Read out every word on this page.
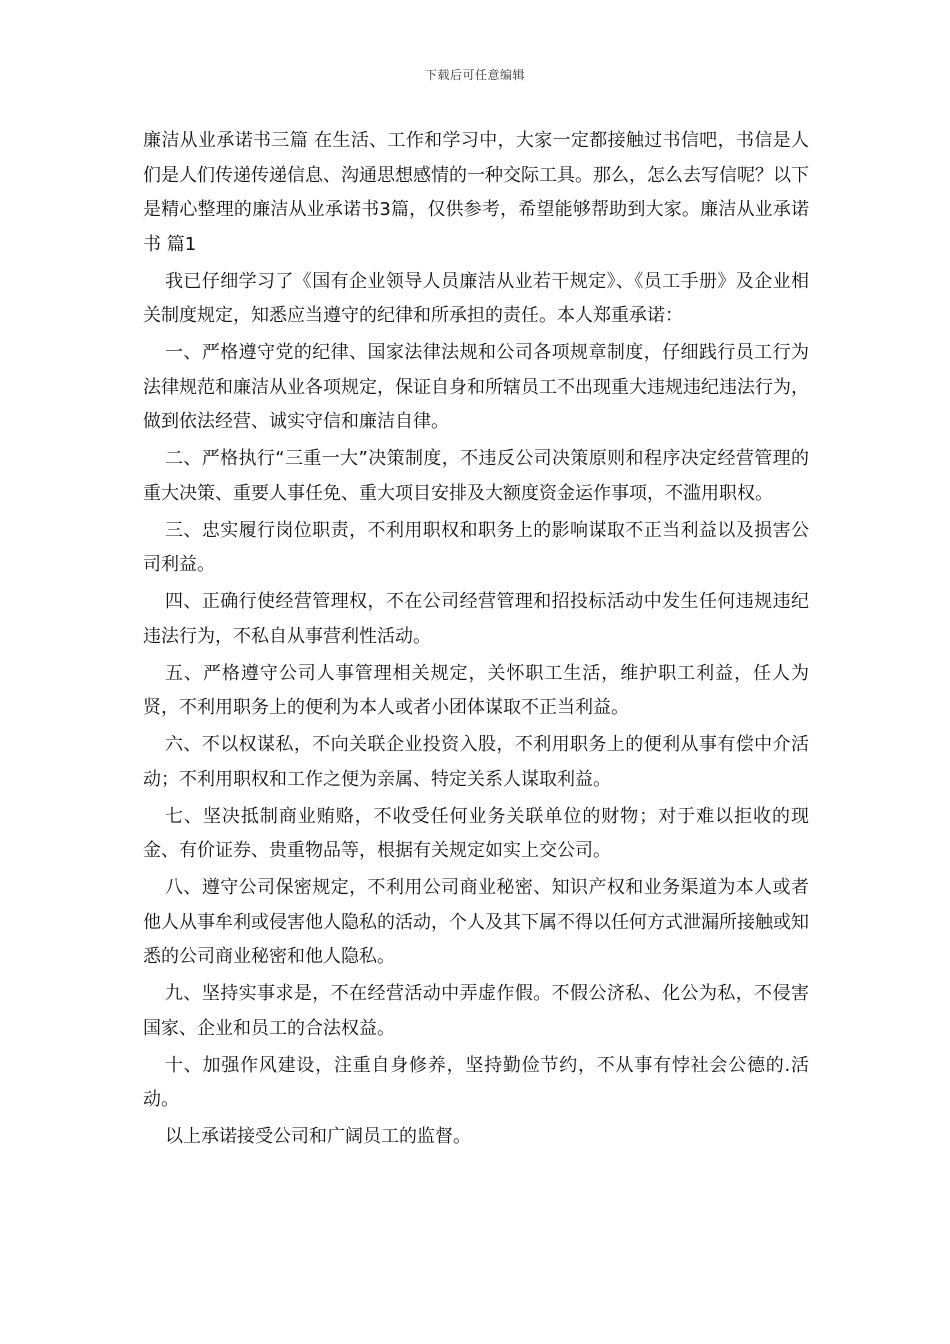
下载后可任意编辑

廉洁从业承诺书三篇 在生活、工作和学习中，大家一定都接触过书信吧，书信是人们是人们传递传递信息、沟通思想感情的一种交际工具。那么，怎么去写信呢？以下是精心整理的廉洁从业承诺书3篇，仅供参考，希望能够帮助到大家。廉洁从业承诺书 篇1

我已仔细学习了《国有企业领导人员廉洁从业若干规定》、《员工手册》及企业相关制度规定，知悉应当遵守的纪律和所承担的责任。本人郑重承诺：

一、严格遵守党的纪律、国家法律法规和公司各项规章制度，仔细践行员工行为法律规范和廉洁从业各项规定，保证自身和所辖员工不出现重大违规违纪违法行为，做到依法经营、诚实守信和廉洁自律。

二、严格执行“三重一大”决策制度，不违反公司决策原则和程序决定经营管理的重大决策、重要人事任免、重大项目安排及大额度资金运作事项，不滥用职权。

三、忠实履行岗位职责，不利用职权和职务上的影响谋取不正当利益以及损害公司利益。

四、正确行使经营管理权，不在公司经营管理和招投标活动中发生任何违规违纪违法行为，不私自从事营利性活动。

五、严格遵守公司人事管理相关规定，关怀职工生活，维护职工利益，任人为贤，不利用职务上的便利为本人或者小团体谋取不正当利益。

六、不以权谋私，不向关联企业投资入股，不利用职务上的便利从事有偿中介活动；不利用职权和工作之便为亲属、特定关系人谋取利益。

七、坚决抵制商业贿赂，不收受任何业务关联单位的财物；对于难以拒收的现金、有价证券、贵重物品等，根据有关规定如实上交公司。

八、遵守公司保密规定，不利用公司商业秘密、知识产权和业务渠道为本人或者他人从事牟利或侵害他人隐私的活动，个人及其下属不得以任何方式泄漏所接触或知悉的公司商业秘密和他人隐私。

九、坚持实事求是，不在经营活动中弄虚作假。不假公济私、化公为私，不侵害国家、企业和员工的合法权益。

十、加强作风建设，注重自身修养，坚持勤俭节约，不从事有悖社会公德的.活动。

以上承诺接受公司和广阔员工的监督。
